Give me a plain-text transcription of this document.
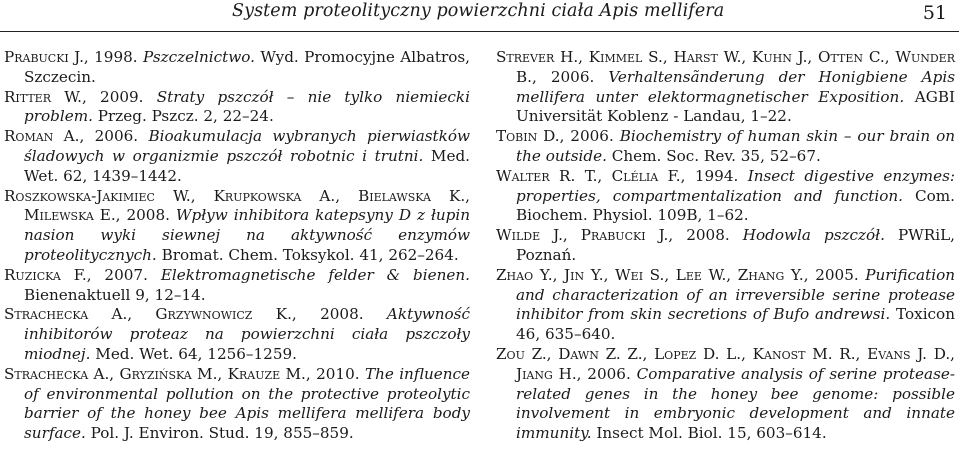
System proteolityczny powierzchni ciała Apis mellifera	51

Prabucki J., 1998. Pszczelnictwo. Wyd. Promocyjne Albatros, Szczecin.

Ritter W., 2009. Straty pszczół – nie tylko niemiecki problem. Przeg. Pszcz. 2, 22–24.

Roman A., 2006. Bioakumulacja wybranych pierwiastków śladowych w organizmie pszczół robotnic i trutni. Med. Wet. 62, 1439–1442.

Roszkowska-Jakimiec W., Krupkowska A., Bielawska K., Milewska E., 2008. Wpływ inhibitora katepsyny D z łupin nasion wyki siewnej na aktywność enzymów proteolitycznych. Bromat. Chem. Toksykol. 41, 262–264.

Ruzicka F., 2007. Elektromagnetische felder & bienen. Bienenaktuell 9, 12–14.

Strachecka A., Grzywnowicz K., 2008. Aktywność inhibitorów proteaz na powierzchni ciała pszczoły miodnej. Med. Wet. 64, 1256–1259.

Strachecka A., Gryzińska M., Krauze M., 2010. The influence of environmental pollution on the protective proteolytic barrier of the honey bee Apis mellifera mellifera body surface. Pol. J. Environ. Stud. 19, 855–859.

Strever H., Kimmel S., Harst W., Kuhn J., Otten C., Wunder B., 2006. Verhaltensãnderung der Honigbiene Apis mellifera unter elektormagnetischer Exposition. AGBI Universität Koblenz - Landau, 1–22.

Tobin D., 2006. Biochemistry of human skin – our brain on the outside. Chem. Soc. Rev. 35, 52–67.

Walter R. T., Clélia F., 1994. Insect digestive enzymes: properties, compartmentalization and function. Com. Biochem. Physiol. 109B, 1–62.

Wilde J., Prabucki J., 2008. Hodowla pszczół. PWRiL, Poznań.

Zhao Y., Jin Y., Wei S., Lee W., Zhang Y., 2005. Purification and characterization of an irreversible serine protease inhibitor from skin secretions of Bufo andrewsi. Toxicon 46, 635–640.

Zou Z., Dawn Z. Z., Lopez D. L., Kanost M. R., Evans J. D., Jiang H., 2006. Comparative analysis of serine protease-related genes in the honey bee genome: possible involvement in embryonic development and innate immunity. Insect Mol. Biol. 15, 603–614.
